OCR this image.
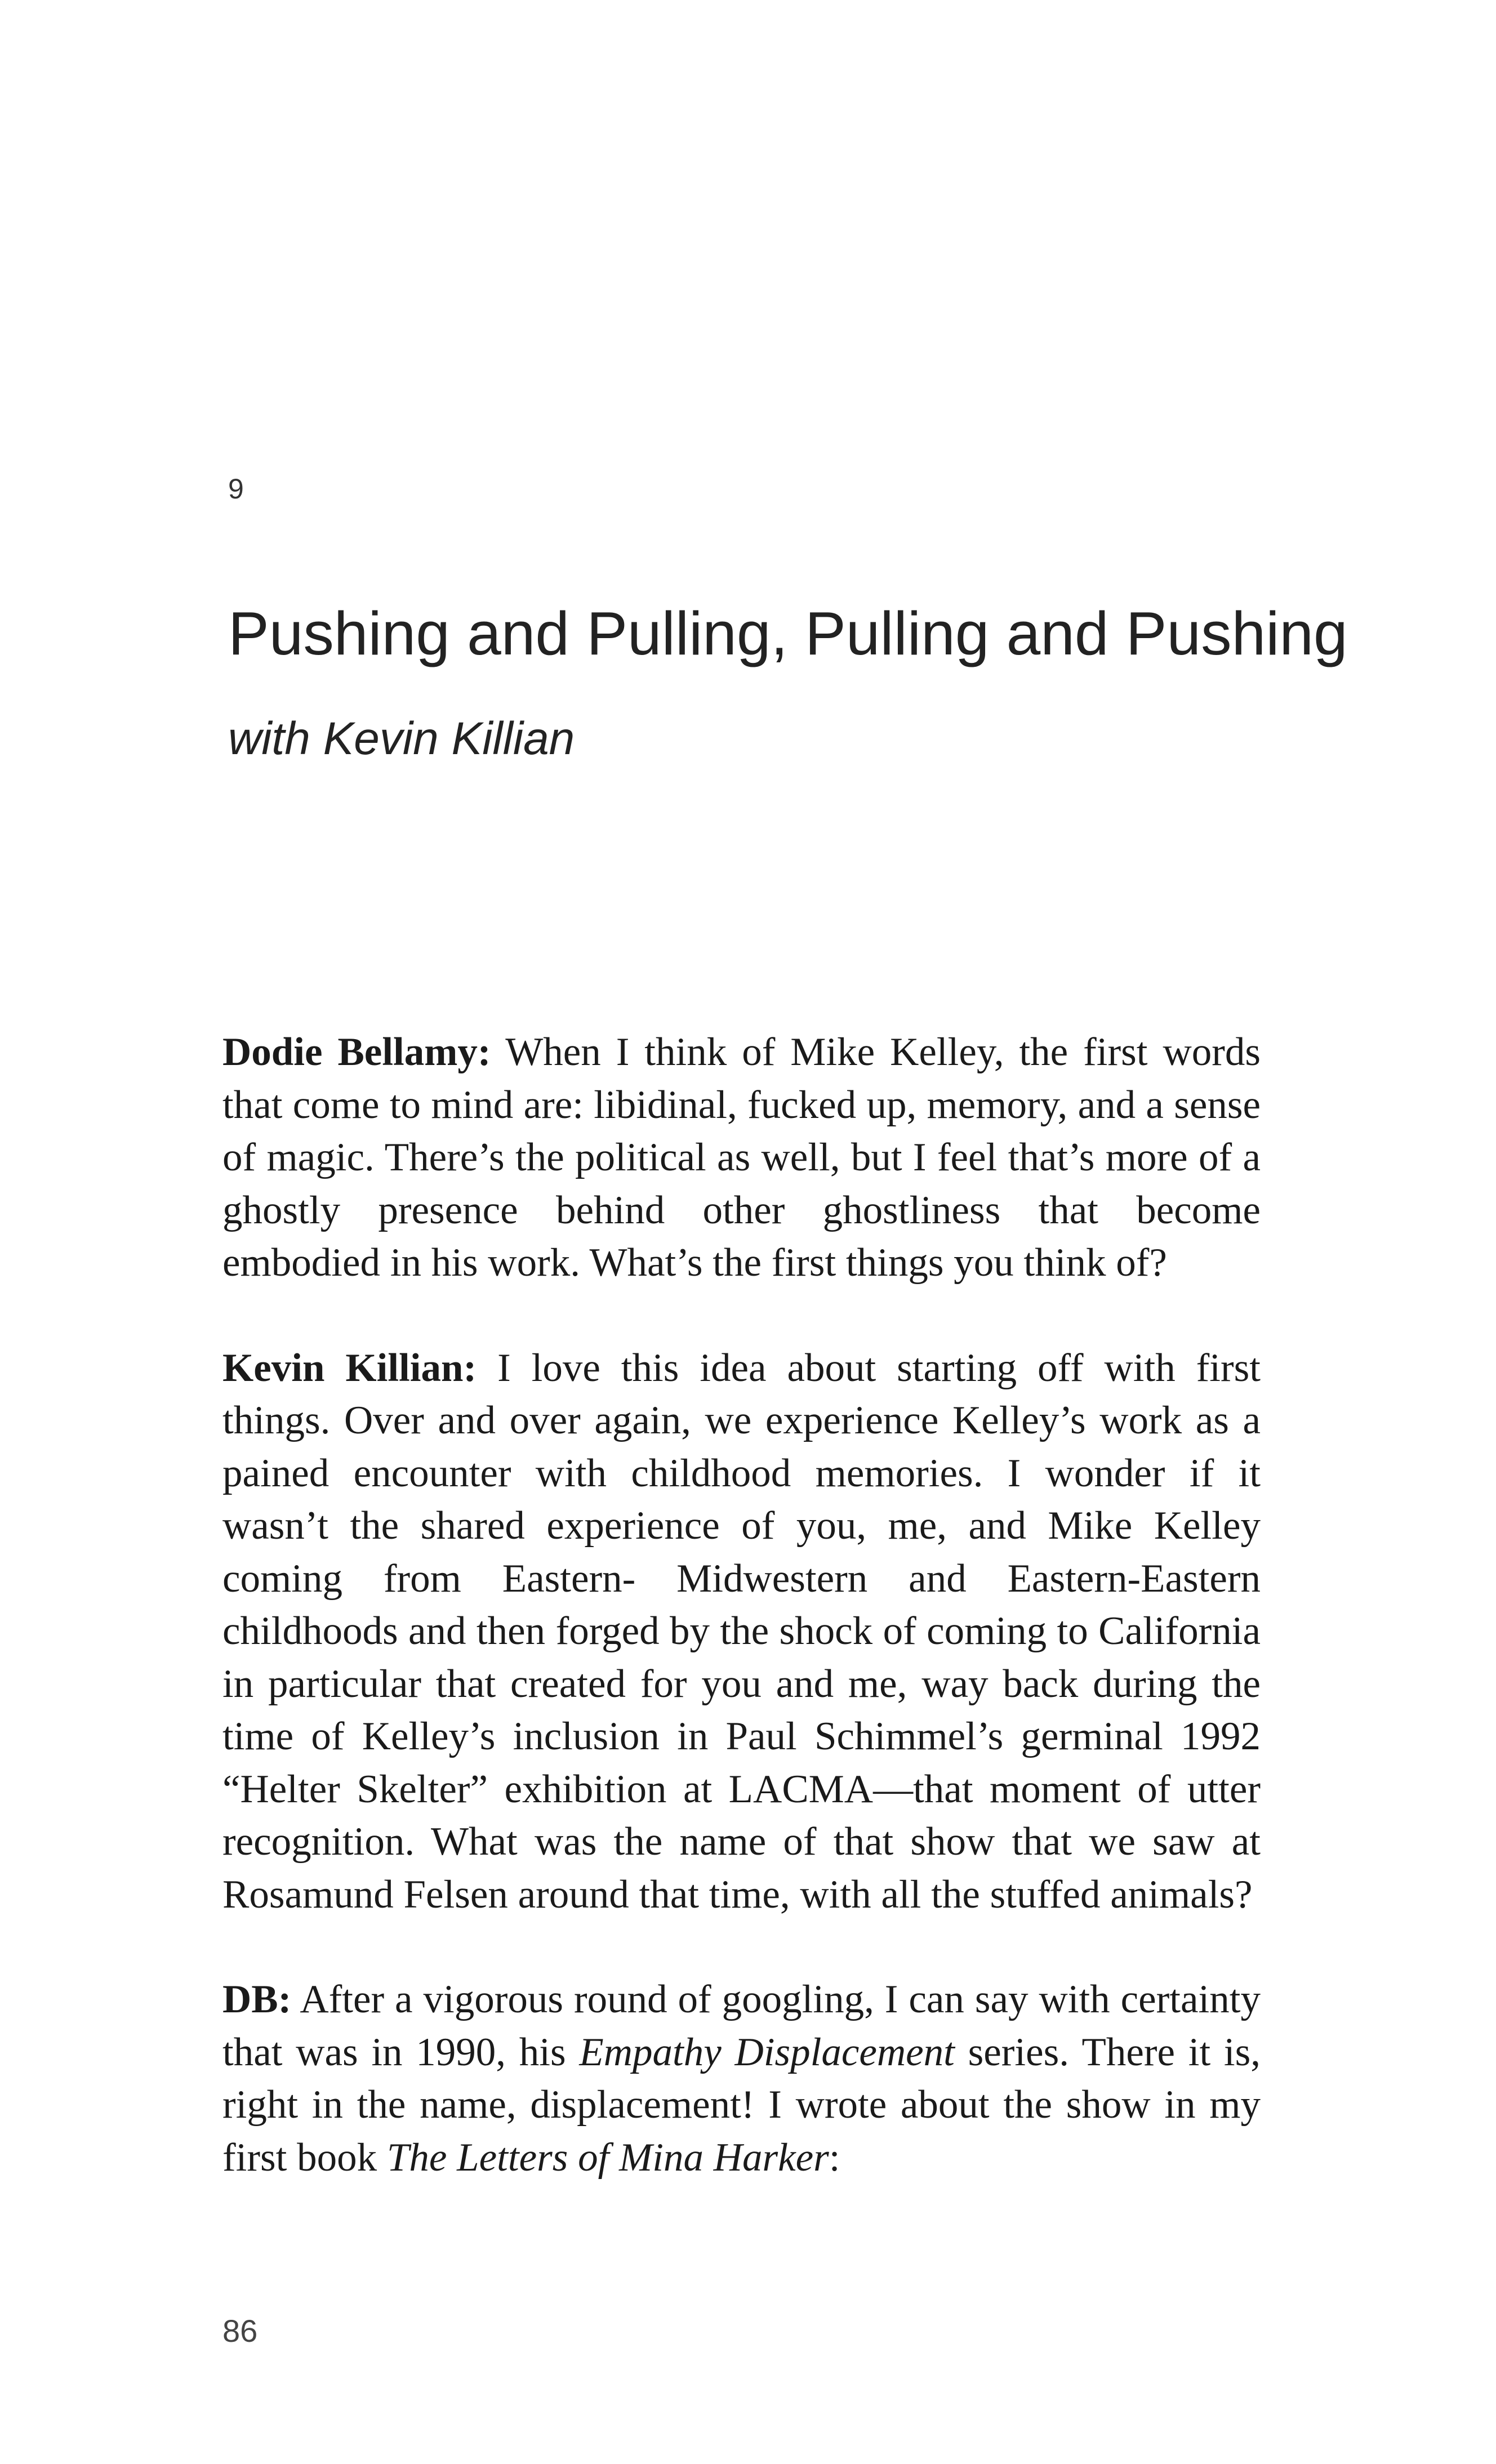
9
Pushing and Pulling, Pulling and Pushing
with Kevin Killian

Dodie Bellamy: When I think of Mike Kelley, the first words that come to mind are: libidinal, fucked up, memory, and a sense of magic. There’s the political as well, but I feel that’s more of a ghostly presence behind other ghostliness that become embodied in his work. What’s the first things you think of?

Kevin Killian: I love this idea about starting off with first things. Over and over again, we experience Kelley’s work as a pained encounter with childhood memories. I wonder if it wasn’t the shared experience of you, me, and Mike Kelley coming from Eastern- Midwestern and Eastern-Eastern childhoods and then forged by the shock of coming to California in particular that created for you and me, way back during the time of Kelley’s inclusion in Paul Schimmel’s germinal 1992 “Helter Skelter” exhibition at LACMA—that moment of utter recognition. What was the name of that show that we saw at Rosamund Felsen around that time, with all the stuffed animals?

DB: After a vigorous round of googling, I can say with certainty that was in 1990, his Empathy Displacement series. There it is, right in the name, displacement! I wrote about the show in my first book The Letters of Mina Harker:

86
